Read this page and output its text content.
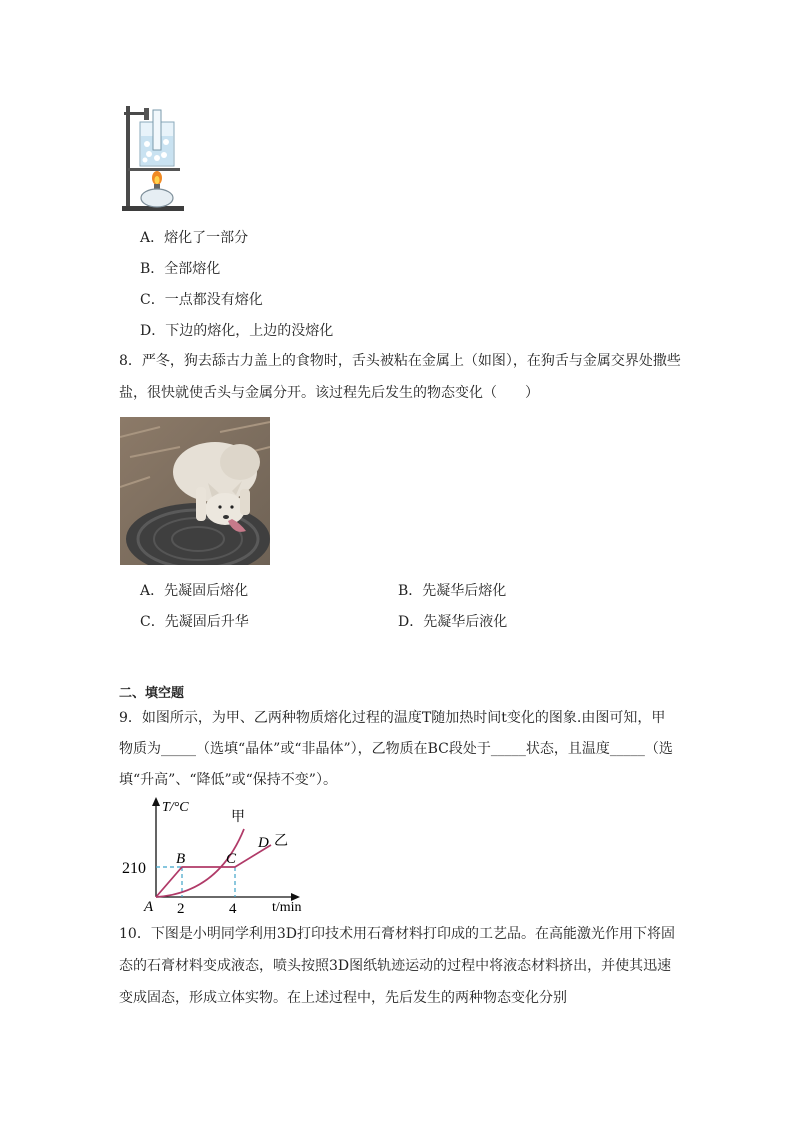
A．熔化了一部分
B．全部熔化
C．一点都没有熔化
D．下边的熔化，上边的没熔化
8．严冬，狗去舔古力盖上的食物时，舌头被粘在金属上（如图），在狗舌与金属交界处撒些
盐，很快就使舌头与金属分开。该过程先后发生的物态变化（　　）
A．先凝固后熔化	B．先凝华后熔化
C．先凝固后升华	D．先凝华后液化
二、填空题
9．如图所示，为甲、乙两种物质熔化过程的温度T随加热时间t变化的图象.由图可知，甲
物质为_____（选填“晶体”或“非晶体”），乙物质在BC段处于_____状态，且温度_____（选
填“升高”、“降低”或“保持不变”）。
T/°C
t/min
210
2	4
A
B	C
D
甲
乙
10．下图是小明同学利用3D打印技术用石膏材料打印成的工艺品。在高能激光作用下将固
态的石膏材料变成液态，喷头按照3D图纸轨迹运动的过程中将液态材料挤出，并使其迅速
变成固态，形成立体实物。在上述过程中，先后发生的两种物态变化分别
